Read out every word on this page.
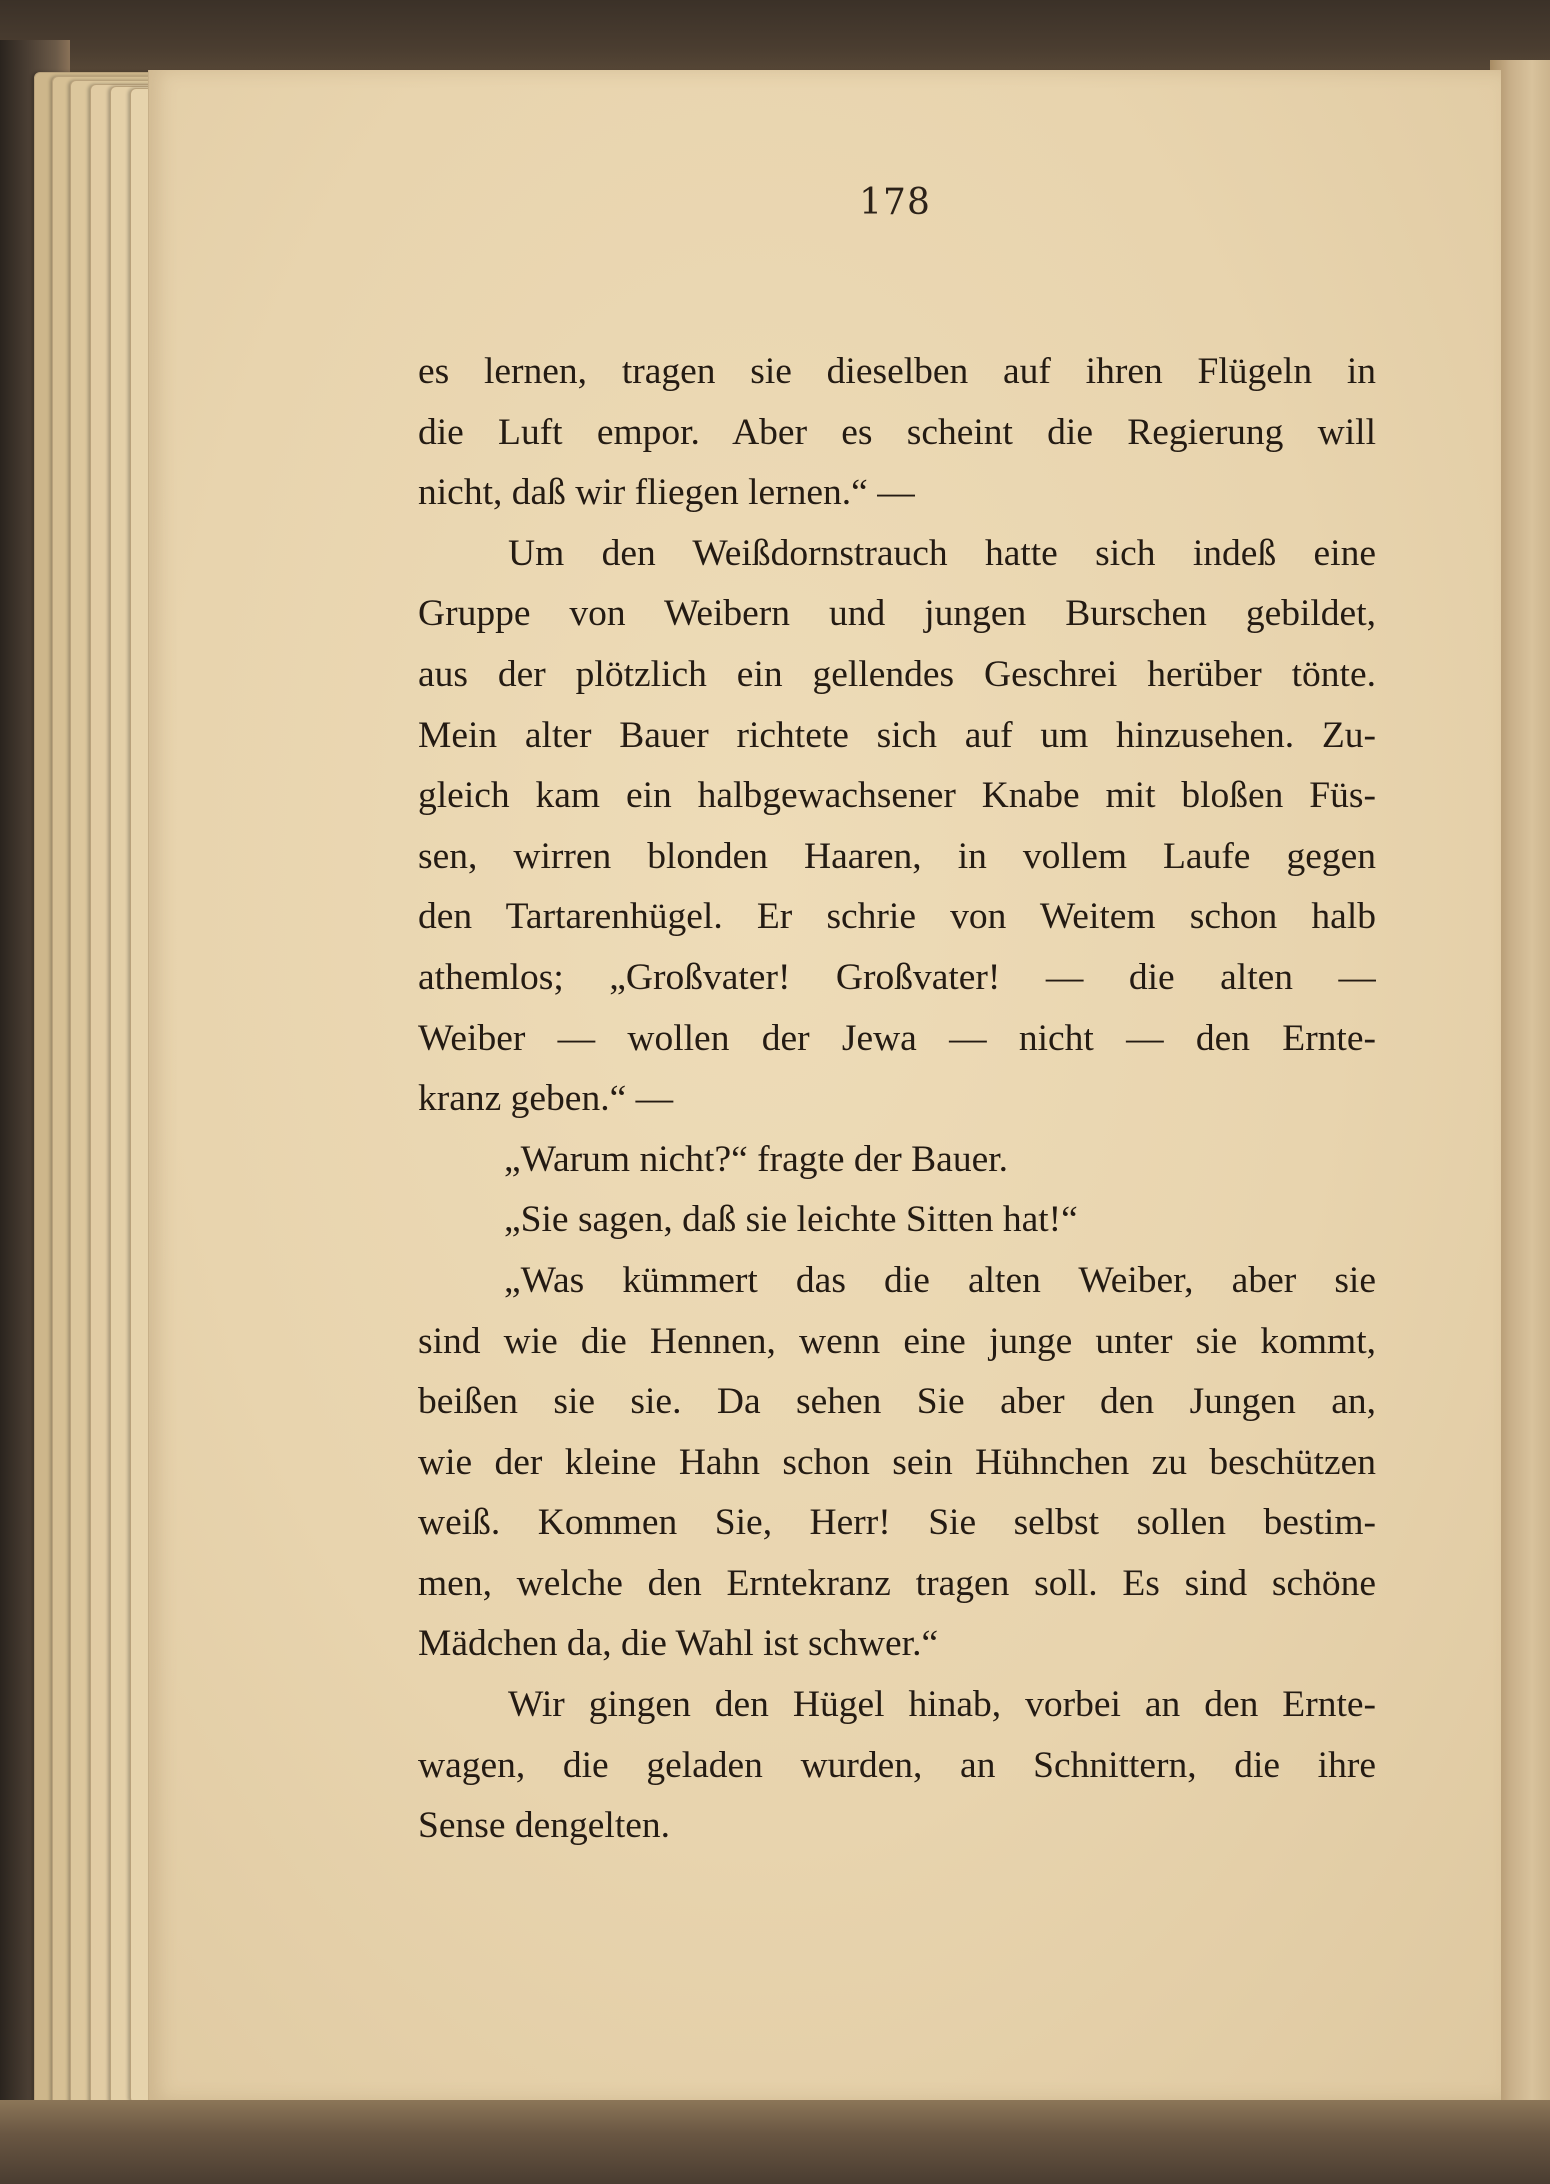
178
es lernen, tragen sie dieselben auf ihren Flügeln in
die Luft empor. Aber es scheint die Regierung will
nicht, daß wir fliegen lernen.“ —
Um den Weißdornstrauch hatte sich indeß eine
Gruppe von Weibern und jungen Burschen gebildet,
aus der plötzlich ein gellendes Geschrei herüber tönte.
Mein alter Bauer richtete sich auf um hinzusehen. Zu-
gleich kam ein halbgewachsener Knabe mit bloßen Füs-
sen, wirren blonden Haaren, in vollem Laufe gegen
den Tartarenhügel. Er schrie von Weitem schon halb
athemlos; „Großvater! Großvater! — die alten —
Weiber — wollen der Jewa — nicht — den Ernte-
kranz geben.“ —
„Warum nicht?“ fragte der Bauer.
„Sie sagen, daß sie leichte Sitten hat!“
„Was kümmert das die alten Weiber, aber sie
sind wie die Hennen, wenn eine junge unter sie kommt,
beißen sie sie. Da sehen Sie aber den Jungen an,
wie der kleine Hahn schon sein Hühnchen zu beschützen
weiß. Kommen Sie, Herr! Sie selbst sollen bestim-
men, welche den Erntekranz tragen soll. Es sind schöne
Mädchen da, die Wahl ist schwer.“
Wir gingen den Hügel hinab, vorbei an den Ernte-
wagen, die geladen wurden, an Schnittern, die ihre
Sense dengelten.
